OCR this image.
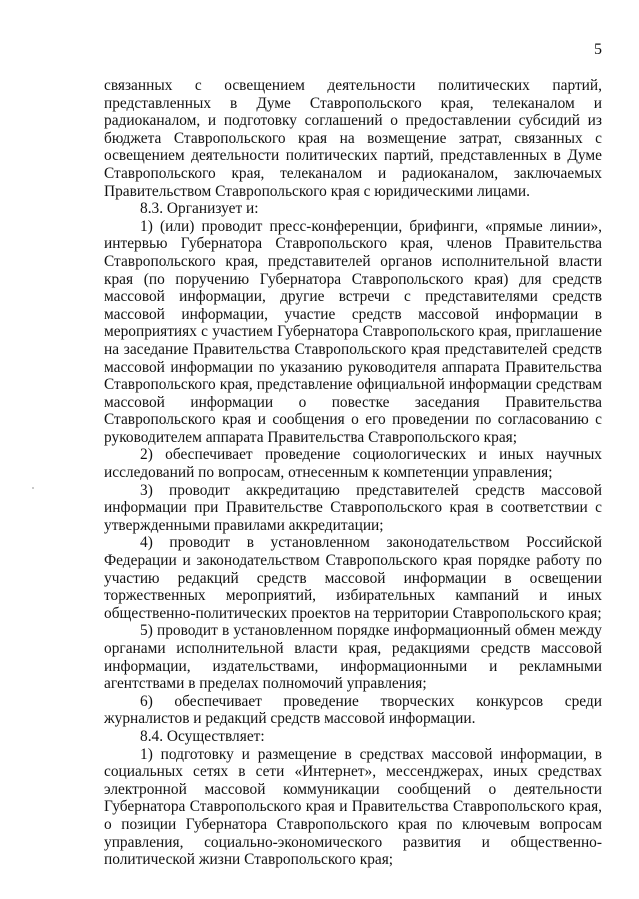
5

связанных с освещением деятельности политических партий, представленных в Думе Ставропольского края, телеканалом и радиоканалом, и подготовку соглашений о предоставлении субсидий из бюджета Ставропольского края на возмещение затрат, связанных с освещением деятельности политических партий, представленных в Думе Ставропольского края, телеканалом и радиоканалом, заключаемых Правительством Ставропольского края с юридическими лицами.

8.3. Организует и:

1) (или) проводит пресс-конференции, брифинги, «прямые линии», интервью Губернатора Ставропольского края, членов Правительства Ставропольского края, представителей органов исполнительной власти края (по поручению Губернатора Ставропольского края) для средств массовой информации, другие встречи с представителями средств массовой информации, участие средств массовой информации в мероприятиях с участием Губернатора Ставропольского края, приглашение на заседание Правительства Ставропольского края представителей средств массовой информации по указанию руководителя аппарата Правительства Ставропольского края, представление официальной информации средствам массовой информации о повестке заседания Правительства Ставропольского края и сообщения о его проведении по согласованию с руководителем аппарата Правительства Ставропольского края;

2) обеспечивает проведение социологических и иных научных исследований по вопросам, отнесенным к компетенции управления;

3) проводит аккредитацию представителей средств массовой информации при Правительстве Ставропольского края в соответствии с утвержденными правилами аккредитации;

4) проводит в установленном законодательством Российской Федерации и законодательством Ставропольского края порядке работу по участию редакций средств массовой информации в освещении торжественных мероприятий, избирательных кампаний и иных общественно-политических проектов на территории Ставропольского края;

5) проводит в установленном порядке информационный обмен между органами исполнительной власти края, редакциями средств массовой информации, издательствами, информационными и рекламными агентствами в пределах полномочий управления;

6) обеспечивает проведение творческих конкурсов среди журналистов и редакций средств массовой информации.

8.4. Осуществляет:

1) подготовку и размещение в средствах массовой информации, в социальных сетях в сети «Интернет», мессенджерах, иных средствах электронной массовой коммуникации сообщений о деятельности Губернатора Ставропольского края и Правительства Ставропольского края, о позиции Губернатора Ставропольского края по ключевым вопросам управления, социально-экономического развития и общественно-политической жизни Ставропольского края;
